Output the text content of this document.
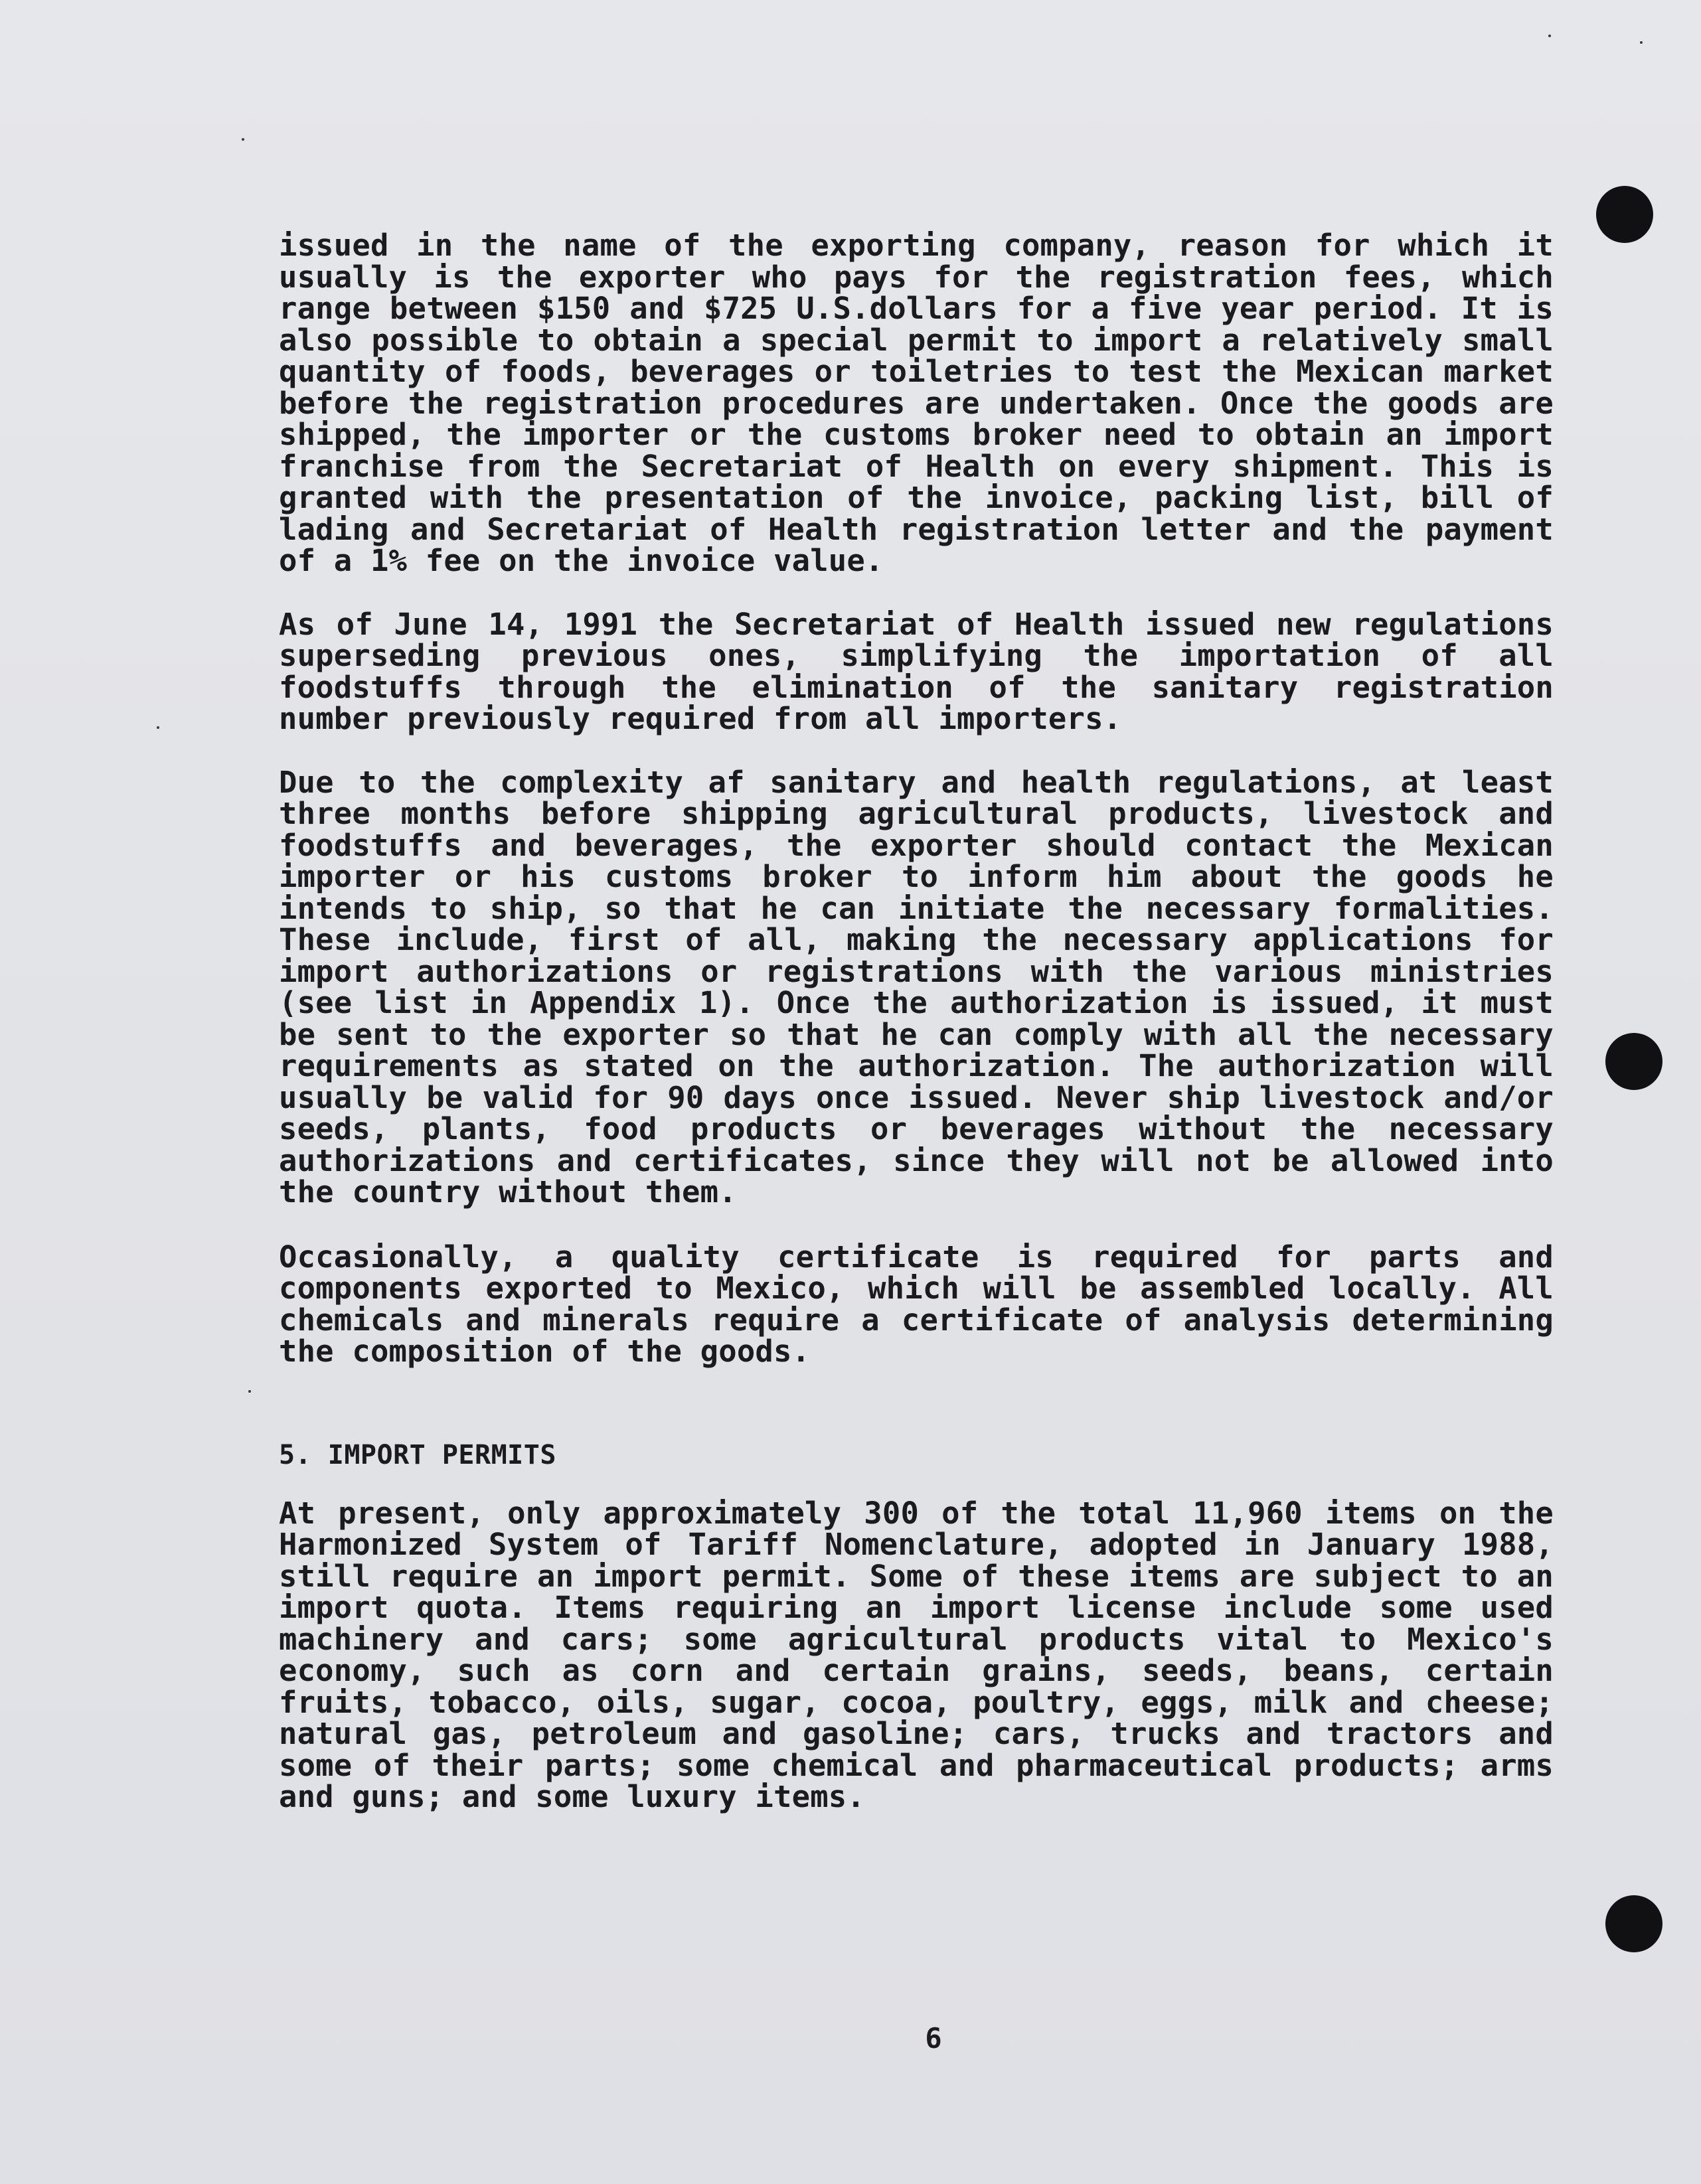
issued in the name of the exporting company, reason for which it usually is the exporter who pays for the registration fees, which range between $150 and $725 U.S.dollars for a five year period. It is also possible to obtain a special permit to import a relatively small quantity of foods, beverages or toiletries to test the Mexican market before the registration procedures are undertaken. Once the goods are shipped, the importer or the customs broker need to obtain an import franchise from the Secretariat of Health on every shipment. This is granted with the presentation of the invoice, packing list, bill of lading and Secretariat of Health registration letter and the payment of a 1% fee on the invoice value.

As of June 14, 1991 the Secretariat of Health issued new regulations superseding previous ones, simplifying the importation of all foodstuffs through the elimination of the sanitary registration number previously required from all importers.

Due to the complexity af sanitary and health regulations, at least three months before shipping agricultural products, livestock and foodstuffs and beverages, the exporter should contact the Mexican importer or his customs broker to inform him about the goods he intends to ship, so that he can initiate the necessary formalities. These include, first of all, making the necessary applications for import authorizations or registrations with the various ministries (see list in Appendix 1). Once the authorization is issued, it must be sent to the exporter so that he can comply with all the necessary requirements as stated on the authorization. The authorization will usually be valid for 90 days once issued. Never ship livestock and/or seeds, plants, food products or beverages without the necessary authorizations and certificates, since they will not be allowed into the country without them.

Occasionally, a quality certificate is required for parts and components exported to Mexico, which will be assembled locally. All chemicals and minerals require a certificate of analysis determining the composition of the goods.

5. IMPORT PERMITS

At present, only approximately 300 of the total 11,960 items on the Harmonized System of Tariff Nomenclature, adopted in January 1988, still require an import permit. Some of these items are subject to an import quota. Items requiring an import license include some used machinery and cars; some agricultural products vital to Mexico's economy, such as corn and certain grains, seeds, beans, certain fruits, tobacco, oils, sugar, cocoa, poultry, eggs, milk and cheese; natural gas, petroleum and gasoline; cars, trucks and tractors and some of their parts; some chemical and pharmaceutical products; arms and guns; and some luxury items.

6
